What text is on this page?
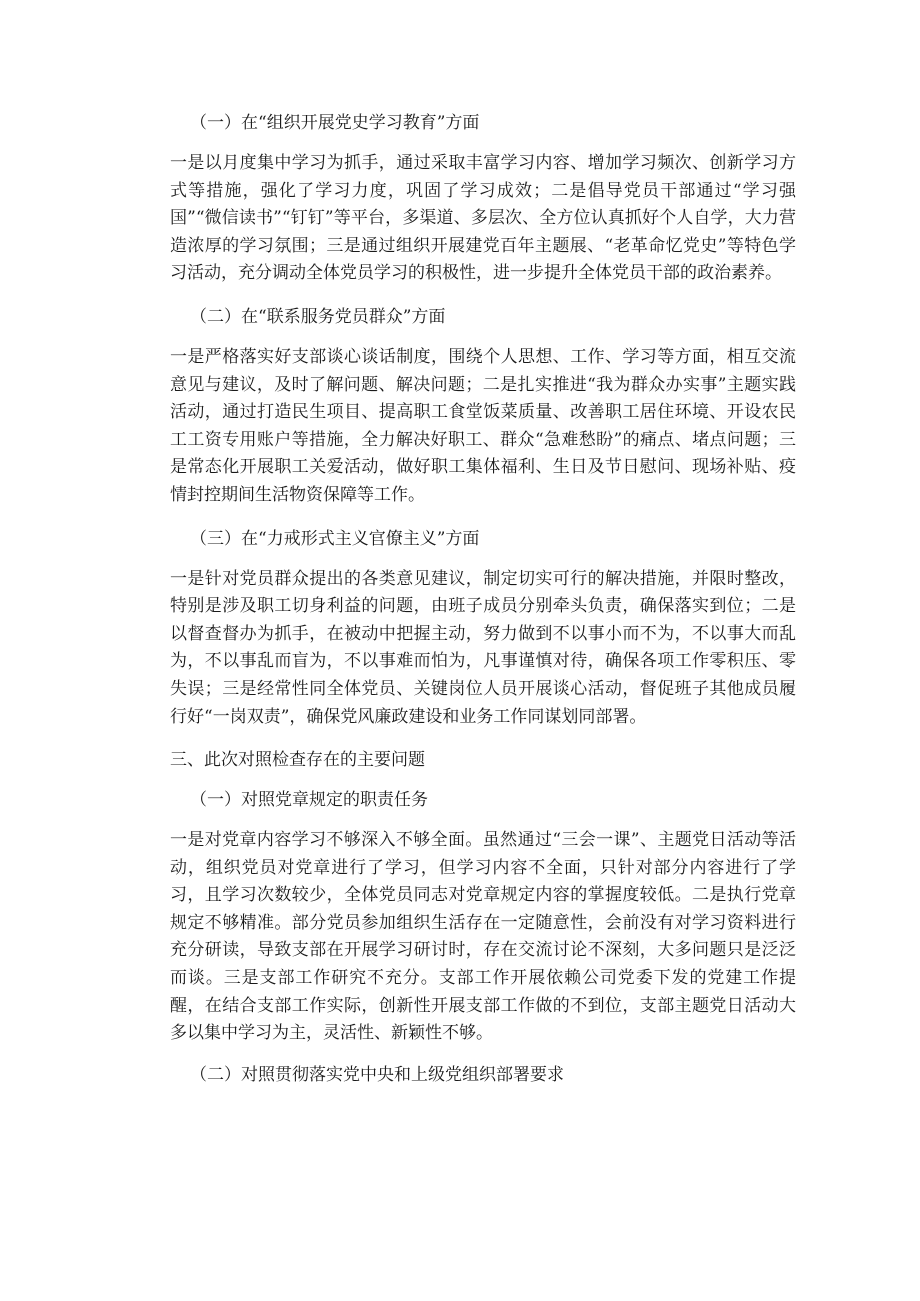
（一）在“组织开展党史学习教育”方面

一是以月度集中学习为抓手，通过采取丰富学习内容、增加学习频次、创新学习方式等措施，强化了学习力度，巩固了学习成效；二是倡导党员干部通过“学习强国”“微信读书”“钉钉”等平台，多渠道、多层次、全方位认真抓好个人自学，大力营造浓厚的学习氛围；三是通过组织开展建党百年主题展、“老革命忆党史”等特色学习活动，充分调动全体党员学习的积极性，进一步提升全体党员干部的政治素养。

（二）在“联系服务党员群众”方面

一是严格落实好支部谈心谈话制度，围绕个人思想、工作、学习等方面，相互交流意见与建议，及时了解问题、解决问题；二是扎实推进“我为群众办实事”主题实践活动，通过打造民生项目、提高职工食堂饭菜质量、改善职工居住环境、开设农民工工资专用账户等措施，全力解决好职工、群众“急难愁盼”的痛点、堵点问题；三是常态化开展职工关爱活动，做好职工集体福利、生日及节日慰问、现场补贴、疫情封控期间生活物资保障等工作。

（三）在“力戒形式主义官僚主义”方面

一是针对党员群众提出的各类意见建议，制定切实可行的解决措施，并限时整改，特别是涉及职工切身利益的问题，由班子成员分别牵头负责，确保落实到位；二是以督查督办为抓手，在被动中把握主动，努力做到不以事小而不为，不以事大而乱为，不以事乱而盲为，不以事难而怕为，凡事谨慎对待，确保各项工作零积压、零失误；三是经常性同全体党员、关键岗位人员开展谈心活动，督促班子其他成员履行好“一岗双责”，确保党风廉政建设和业务工作同谋划同部署。

三、此次对照检查存在的主要问题

（一）对照党章规定的职责任务

一是对党章内容学习不够深入不够全面。虽然通过“三会一课”、主题党日活动等活动，组织党员对党章进行了学习，但学习内容不全面，只针对部分内容进行了学习，且学习次数较少，全体党员同志对党章规定内容的掌握度较低。二是执行党章规定不够精准。部分党员参加组织生活存在一定随意性，会前没有对学习资料进行充分研读，导致支部在开展学习研讨时，存在交流讨论不深刻，大多问题只是泛泛而谈。三是支部工作研究不充分。支部工作开展依赖公司党委下发的党建工作提醒，在结合支部工作实际，创新性开展支部工作做的不到位，支部主题党日活动大多以集中学习为主，灵活性、新颖性不够。

（二）对照贯彻落实党中央和上级党组织部署要求
